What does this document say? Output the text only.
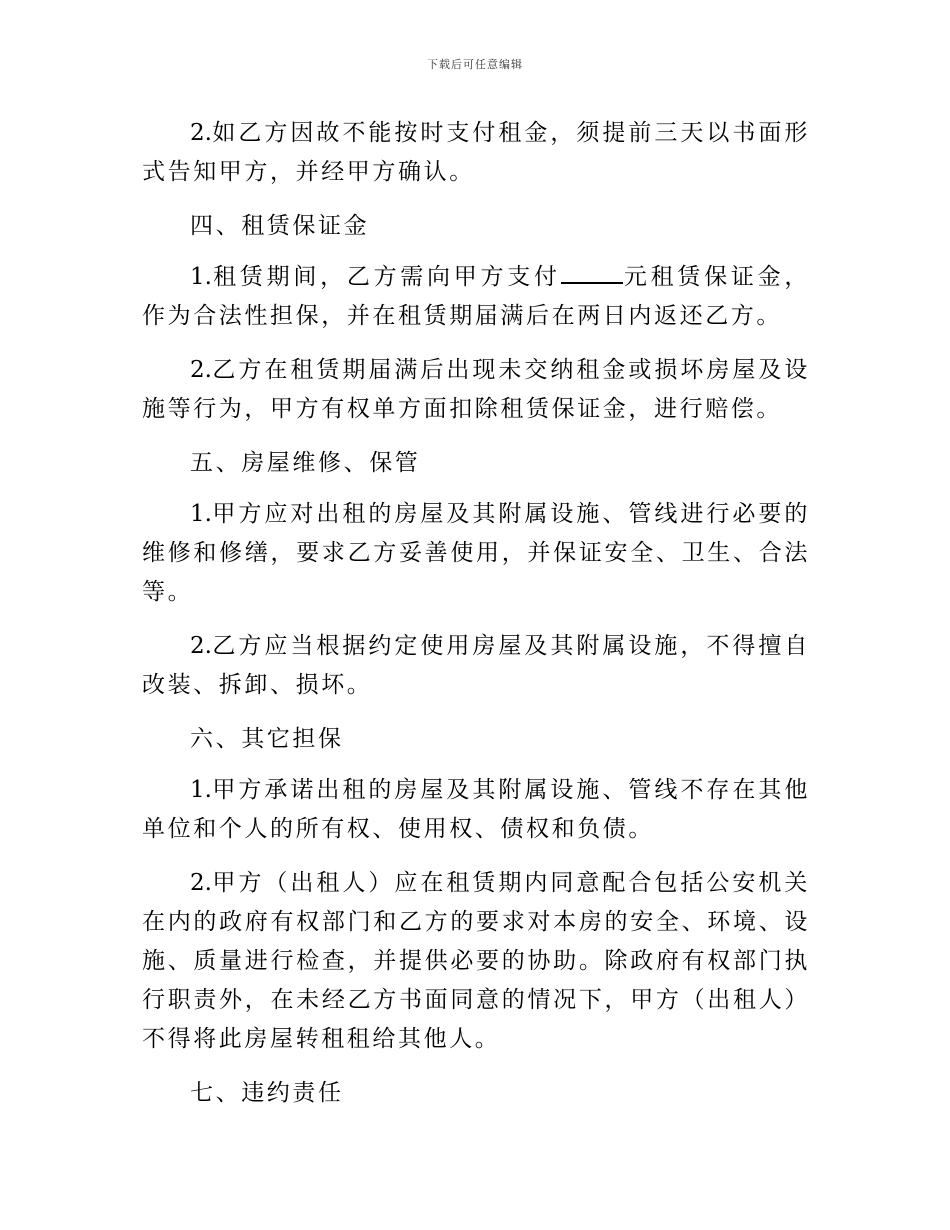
下载后可任意编辑

2.如乙方因故不能按时支付租金，须提前三天以书面形式告知甲方，并经甲方确认。

四、租赁保证金

1.租赁期间，乙方需向甲方支付	元租赁保证金，作为合法性担保，并在租赁期届满后在两日内返还乙方。

2.乙方在租赁期届满后出现未交纳租金或损坏房屋及设施等行为，甲方有权单方面扣除租赁保证金，进行赔偿。

五、房屋维修、保管

1.甲方应对出租的房屋及其附属设施、管线进行必要的维修和修缮，要求乙方妥善使用，并保证安全、卫生、合法等。

2.乙方应当根据约定使用房屋及其附属设施，不得擅自改装、拆卸、损坏。

六、其它担保

1.甲方承诺出租的房屋及其附属设施、管线不存在其他单位和个人的所有权、使用权、债权和负债。

2.甲方（出租人）应在租赁期内同意配合包括公安机关在内的政府有权部门和乙方的要求对本房的安全、环境、设施、质量进行检查，并提供必要的协助。除政府有权部门执行职责外，在未经乙方书面同意的情况下，甲方（出租人）不得将此房屋转租租给其他人。

七、违约责任
